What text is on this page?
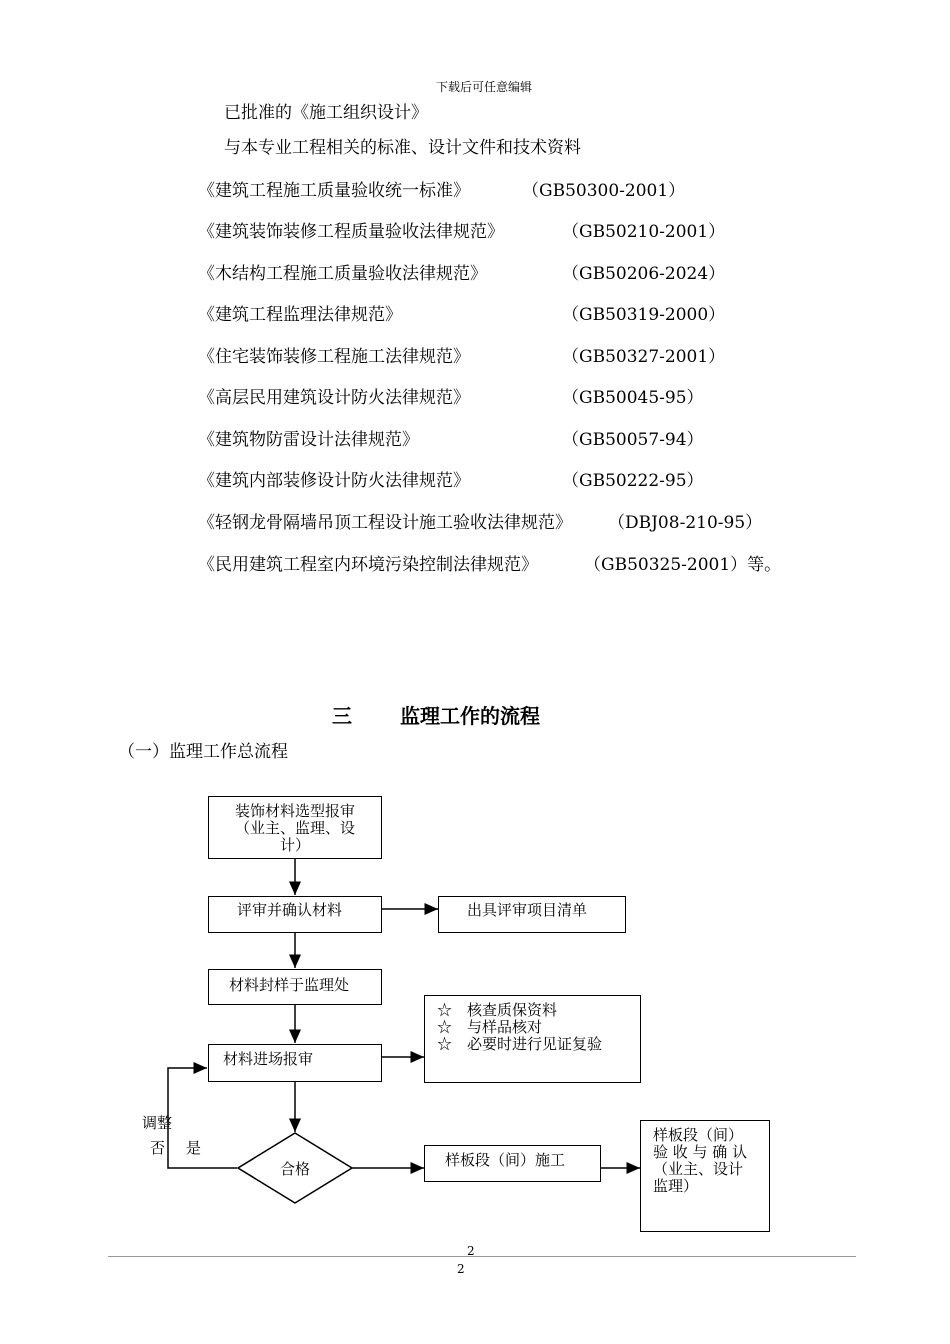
下载后可任意编辑
已批准的《施工组织设计》
与本专业工程相关的标准、设计文件和技术资料
《建筑工程施工质量验收统一标准》	（GB50300-2001）
《建筑装饰装修工程质量验收法律规范》	（GB50210-2001）
《木结构工程施工质量验收法律规范》	（GB50206-2024）
《建筑工程监理法律规范》	（GB50319-2000）
《住宅装饰装修工程施工法律规范》	（GB50327-2001）
《高层民用建筑设计防火法律规范》	（GB50045-95）
《建筑物防雷设计法律规范》	（GB50057-94）
《建筑内部装修设计防火法律规范》	（GB50222-95）
《轻钢龙骨隔墙吊顶工程设计施工验收法律规范》 （DBJ08-210-95）
《民用建筑工程室内环境污染控制法律规范》	（GB50325-2001）等。
三 监理工作的流程
（一）监理工作总流程
装饰材料选型报审
（业主、监理、设
计）
评审并确认材料	出具评审项目清单
材料封样于监理处
☆　核查质保资料
☆　与样品核对
☆　必要时进行见证复验
材料进场报审
合格
调整
否 是
样板段（间）施工
样板段（间）
验 收 与 确 认
（业主、设计
监理）
2
2
